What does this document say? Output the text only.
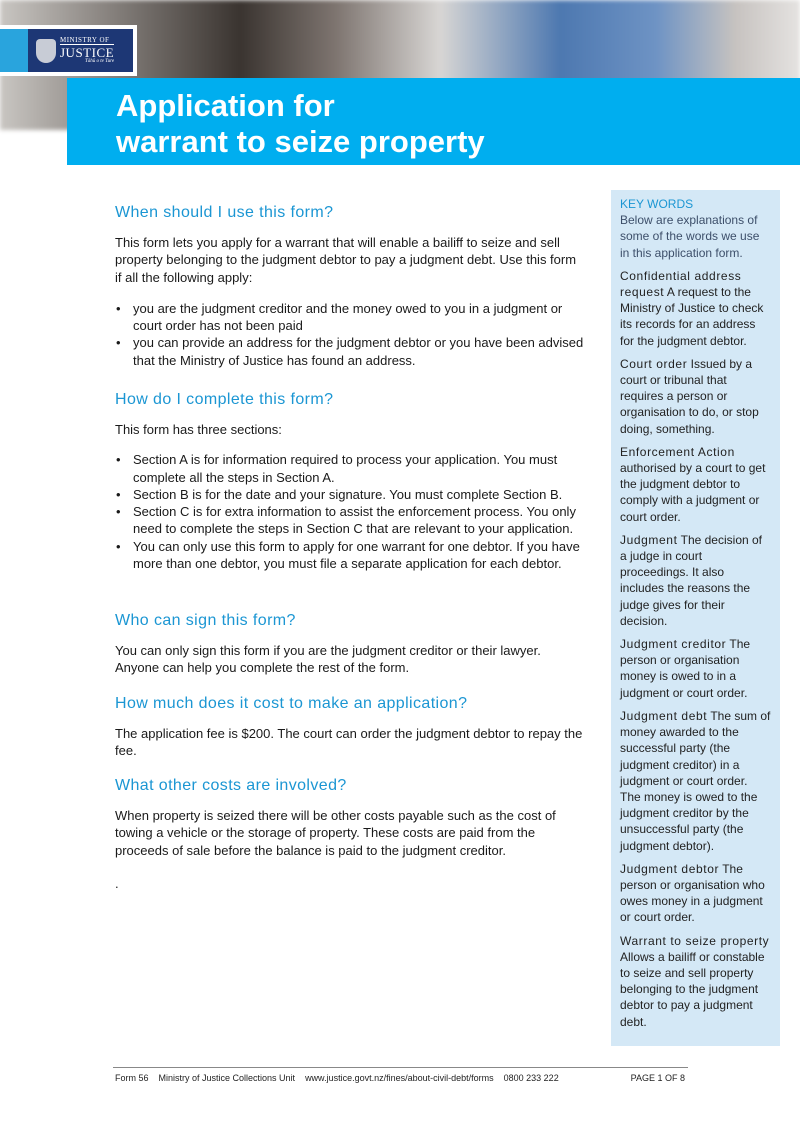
MINISTRY OF
JUSTICE
Tāhū o te Ture
Application for
warrant to seize property
When should I use this form?

This form lets you apply for a warrant that will enable a bailiff to seize and sell property belonging to the judgment debtor to pay a judgment debt. Use this form if all the following apply:

• you are the judgment creditor and the money owed to you in a judgment or court order has not been paid
• you can provide an address for the judgment debtor or you have been advised that the Ministry of Justice has found an address.
How do I complete this form?

This form has three sections:

• Section A is for information required to process your application. You must complete all the steps in Section A.
• Section B is for the date and your signature. You must complete Section B.
• Section C is for extra information to assist the enforcement process. You only need to complete the steps in Section C that are relevant to your application.
• You can only use this form to apply for one warrant for one debtor. If you have more than one debtor, you must file a separate application for each debtor.
Who can sign this form?

You can only sign this form if you are the judgment creditor or their lawyer. Anyone can help you complete the rest of the form.

How much does it cost to make an application?

The application fee is $200. The court can order the judgment debtor to repay the fee.

What other costs are involved?

When property is seized there will be other costs payable such as the cost of towing a vehicle or the storage of property. These costs are paid from the proceeds of sale before the balance is paid to the judgment creditor.

.

KEY WORDS
Below are explanations of some of the words we use in this application form.
Confidential address request A request to the Ministry of Justice to check its records for an address for the judgment debtor.
Court order Issued by a court or tribunal that requires a person or organisation to do, or stop doing, something.
Enforcement Action authorised by a court to get the judgment debtor to comply with a judgment or court order.
Judgment The decision of a judge in court proceedings. It also includes the reasons the judge gives for their decision.
Judgment creditor The person or organisation money is owed to in a judgment or court order.
Judgment debt The sum of money awarded to the successful party (the judgment creditor) in a judgment or court order. The money is owed to the judgment creditor by the unsuccessful party (the judgment debtor).
Judgment debtor The person or organisation who owes money in a judgment or court order.
Warrant to seize property Allows a bailiff or constable to seize and sell property belonging to the judgment debtor to pay a judgment debt.
Form 56 Ministry of Justice Collections Unit www.justice.govt.nz/fines/about-civil-debt/forms 0800 233 222	PAGE 1 OF 8
